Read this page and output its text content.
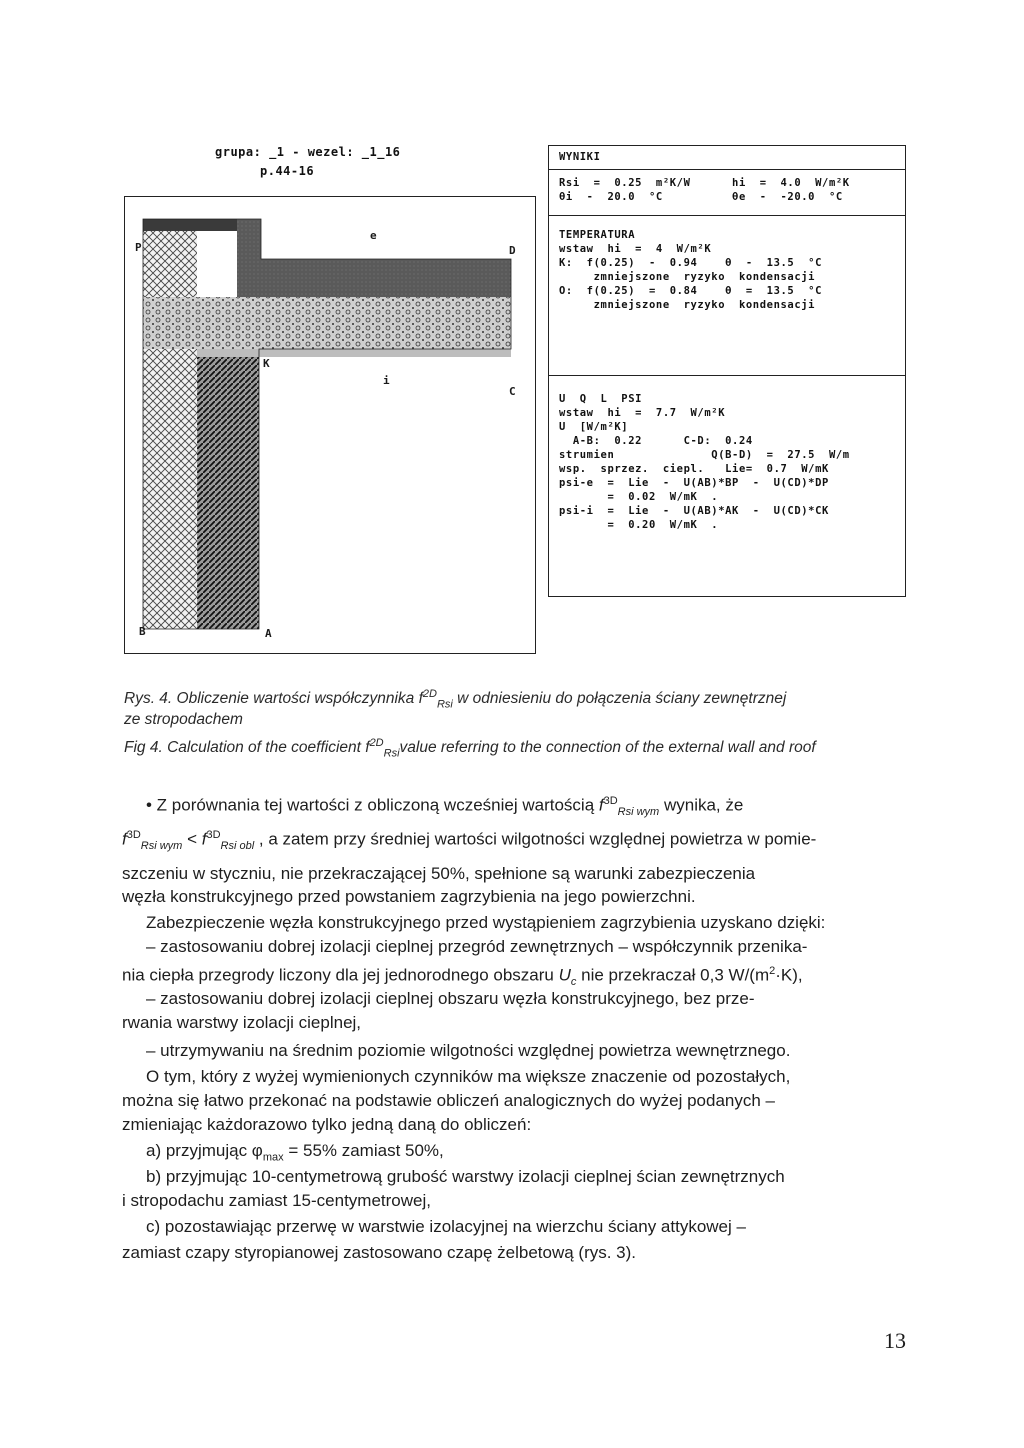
grupa: _1 - wezel: _1_16
p.44-16
P
e
D
K
C
i
B	A
WYNIKI
Rsi  =  0.25  m²K/W      hi  =  4.0  W/m²K
θi  -  20.0  °C          θe  -  -20.0  °C
TEMPERATURA
wstaw  hi  =  4  W/m²K
K:  f(0.25)  -  0.94    θ  -  13.5  °C
zmniejszone  ryzyko  kondensacji
O:  f(0.25)  =  0.84    θ  =  13.5  °C
zmniejszone  ryzyko  kondensacji
U  Q  L  PSI
wstaw  hi  =  7.7  W/m²K
U  [W/m²K]
A-B:  0.22      C-D:  0.24
strumien              Q(B-D)  =  27.5  W/m
wsp.  sprzez.  ciepl.   Lie=  0.7  W/mK
psi-e  =  Lie  -  U(AB)*BP  -  U(CD)*DP
=  0.02  W/mK  .
psi-i  =  Lie  -  U(AB)*AK  -  U(CD)*CK
=  0.20  W/mK  .
Rys. 4. Obliczenie wartości współczynnika $f^{2D}_{Rsi}$ w odniesieniu do połączenia ściany zewnętrznej
ze stropodachem
Fig 4. Calculation of the coefficient $f^{2D}_{Rsi}value$ referring to the connection of the external wall and roof
• Z porównania tej wartości z obliczoną wcześniej wartością $f^{3D}_{Rsi wym}$ wynika, że
$f^{3D}_{Rsi wym} < f^{3D}_{Rsi obl}$ , a zatem przy średniej wartości wilgotności względnej powietrza w pomie-
szczeniu w styczniu, nie przekraczającej 50%, spełnione są warunki zabezpieczenia
węzła konstrukcyjnego przed powstaniem zagrzybienia na jego powierzchni.
Zabezpieczenie węzła konstrukcyjnego przed wystąpieniem zagrzybienia uzyskano dzięki:
– zastosowaniu dobrej izolacji cieplnej przegród zewnętrznych – współczynnik przenika-
nia ciepła przegrody liczony dla jej jednorodnego obszaru $U_c$ nie przekraczał 0,3 $W/(m^2\cdot K)$,
– zastosowaniu dobrej izolacji cieplnej obszaru węzła konstrukcyjnego, bez prze-
rwania warstwy izolacji cieplnej,
– utrzymywaniu na średnim poziomie wilgotności względnej powietrza wewnętrznego.
O tym, który z wyżej wymienionych czynników ma większe znaczenie od pozostałych,
można się łatwo przekonać na podstawie obliczeń analogicznych do wyżej podanych –
zmieniając każdorazowo tylko jedną daną do obliczeń:
a) przyjmując $\varphi_{max} = 55\%$ zamiast 50%,
b) przyjmując 10-centymetrową grubość warstwy izolacji cieplnej ścian zewnętrznych
i stropodachu zamiast 15-centymetrowej,
c) pozostawiając przerwę w warstwie izolacyjnej na wierzchu ściany attykowej –
zamiast czapy styropianowej zastosowano czapę żelbetową (rys. 3).
13
